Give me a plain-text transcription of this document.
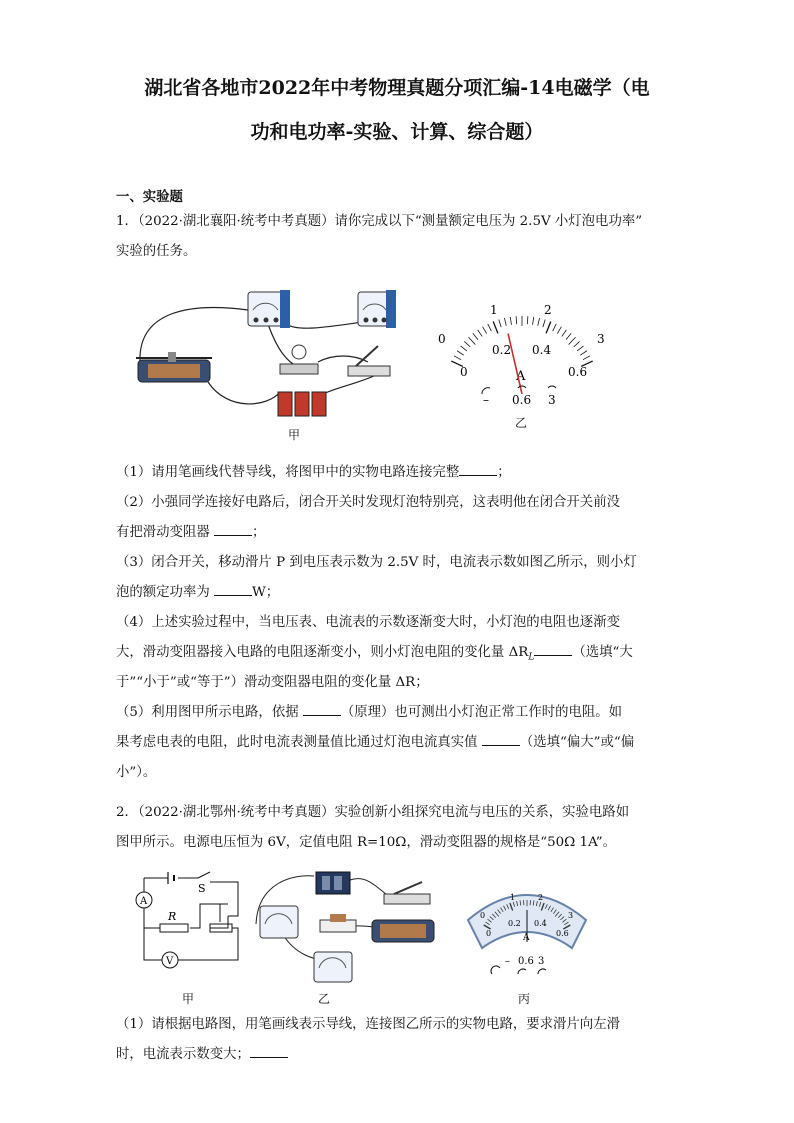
湖北省各地市2022年中考物理真题分项汇编-14电磁学（电
功和电功率-实验、计算、综合题）
一、实验题
1．（2022·湖北襄阳·统考中考真题）请你完成以下“测量额定电压为 2.5V 小灯泡电功率”
实验的任务。
甲
0
1	2
3
0
0.2 0.4
0.6
A
– 0.6 3
乙
（1）请用笔画线代替导线，将图甲中的实物电路连接完整	；
（2）小强同学连接好电路后，闭合开关时发现灯泡特别亮，这表明他在闭合开关前没
有把滑动变阻器	；
（3）闭合开关，移动滑片 P 到电压表示数为 2.5V 时，电流表示数如图乙所示，则小灯
泡的额定功率为	W；
（4）上述实验过程中，当电压表、电流表的示数逐渐变大时，小灯泡的电阻也逐渐变
大，滑动变阻器接入电路的电阻逐渐变小，则小灯泡电阻的变化量 $\Delta R_L$	（选填“大
于”“小于”或“等于”）滑动变阻器电阻的变化量 ΔR；
（5）利用图甲所示电路，依据	（原理）也可测出小灯泡正常工作时的电阻。如
果考虑电表的电阻，此时电流表测量值比通过灯泡电流真实值	（选填“偏大”或“偏
小”）。
2．（2022·湖北鄂州·统考中考真题）实验创新小组探究电流与电压的关系，实验电路如
图甲所示。电源电压恒为 6V，定值电阻 R=10Ω，滑动变阻器的规格是“50Ω 1A”。
S
A
R
V
甲	乙
0
1	2
3
0
0.2 0.4
0.6
A
– 0.6 3
丙
（1）请根据电路图，用笔画线表示导线，连接图乙所示的实物电路，要求滑片向左滑
时，电流表示数变大；
